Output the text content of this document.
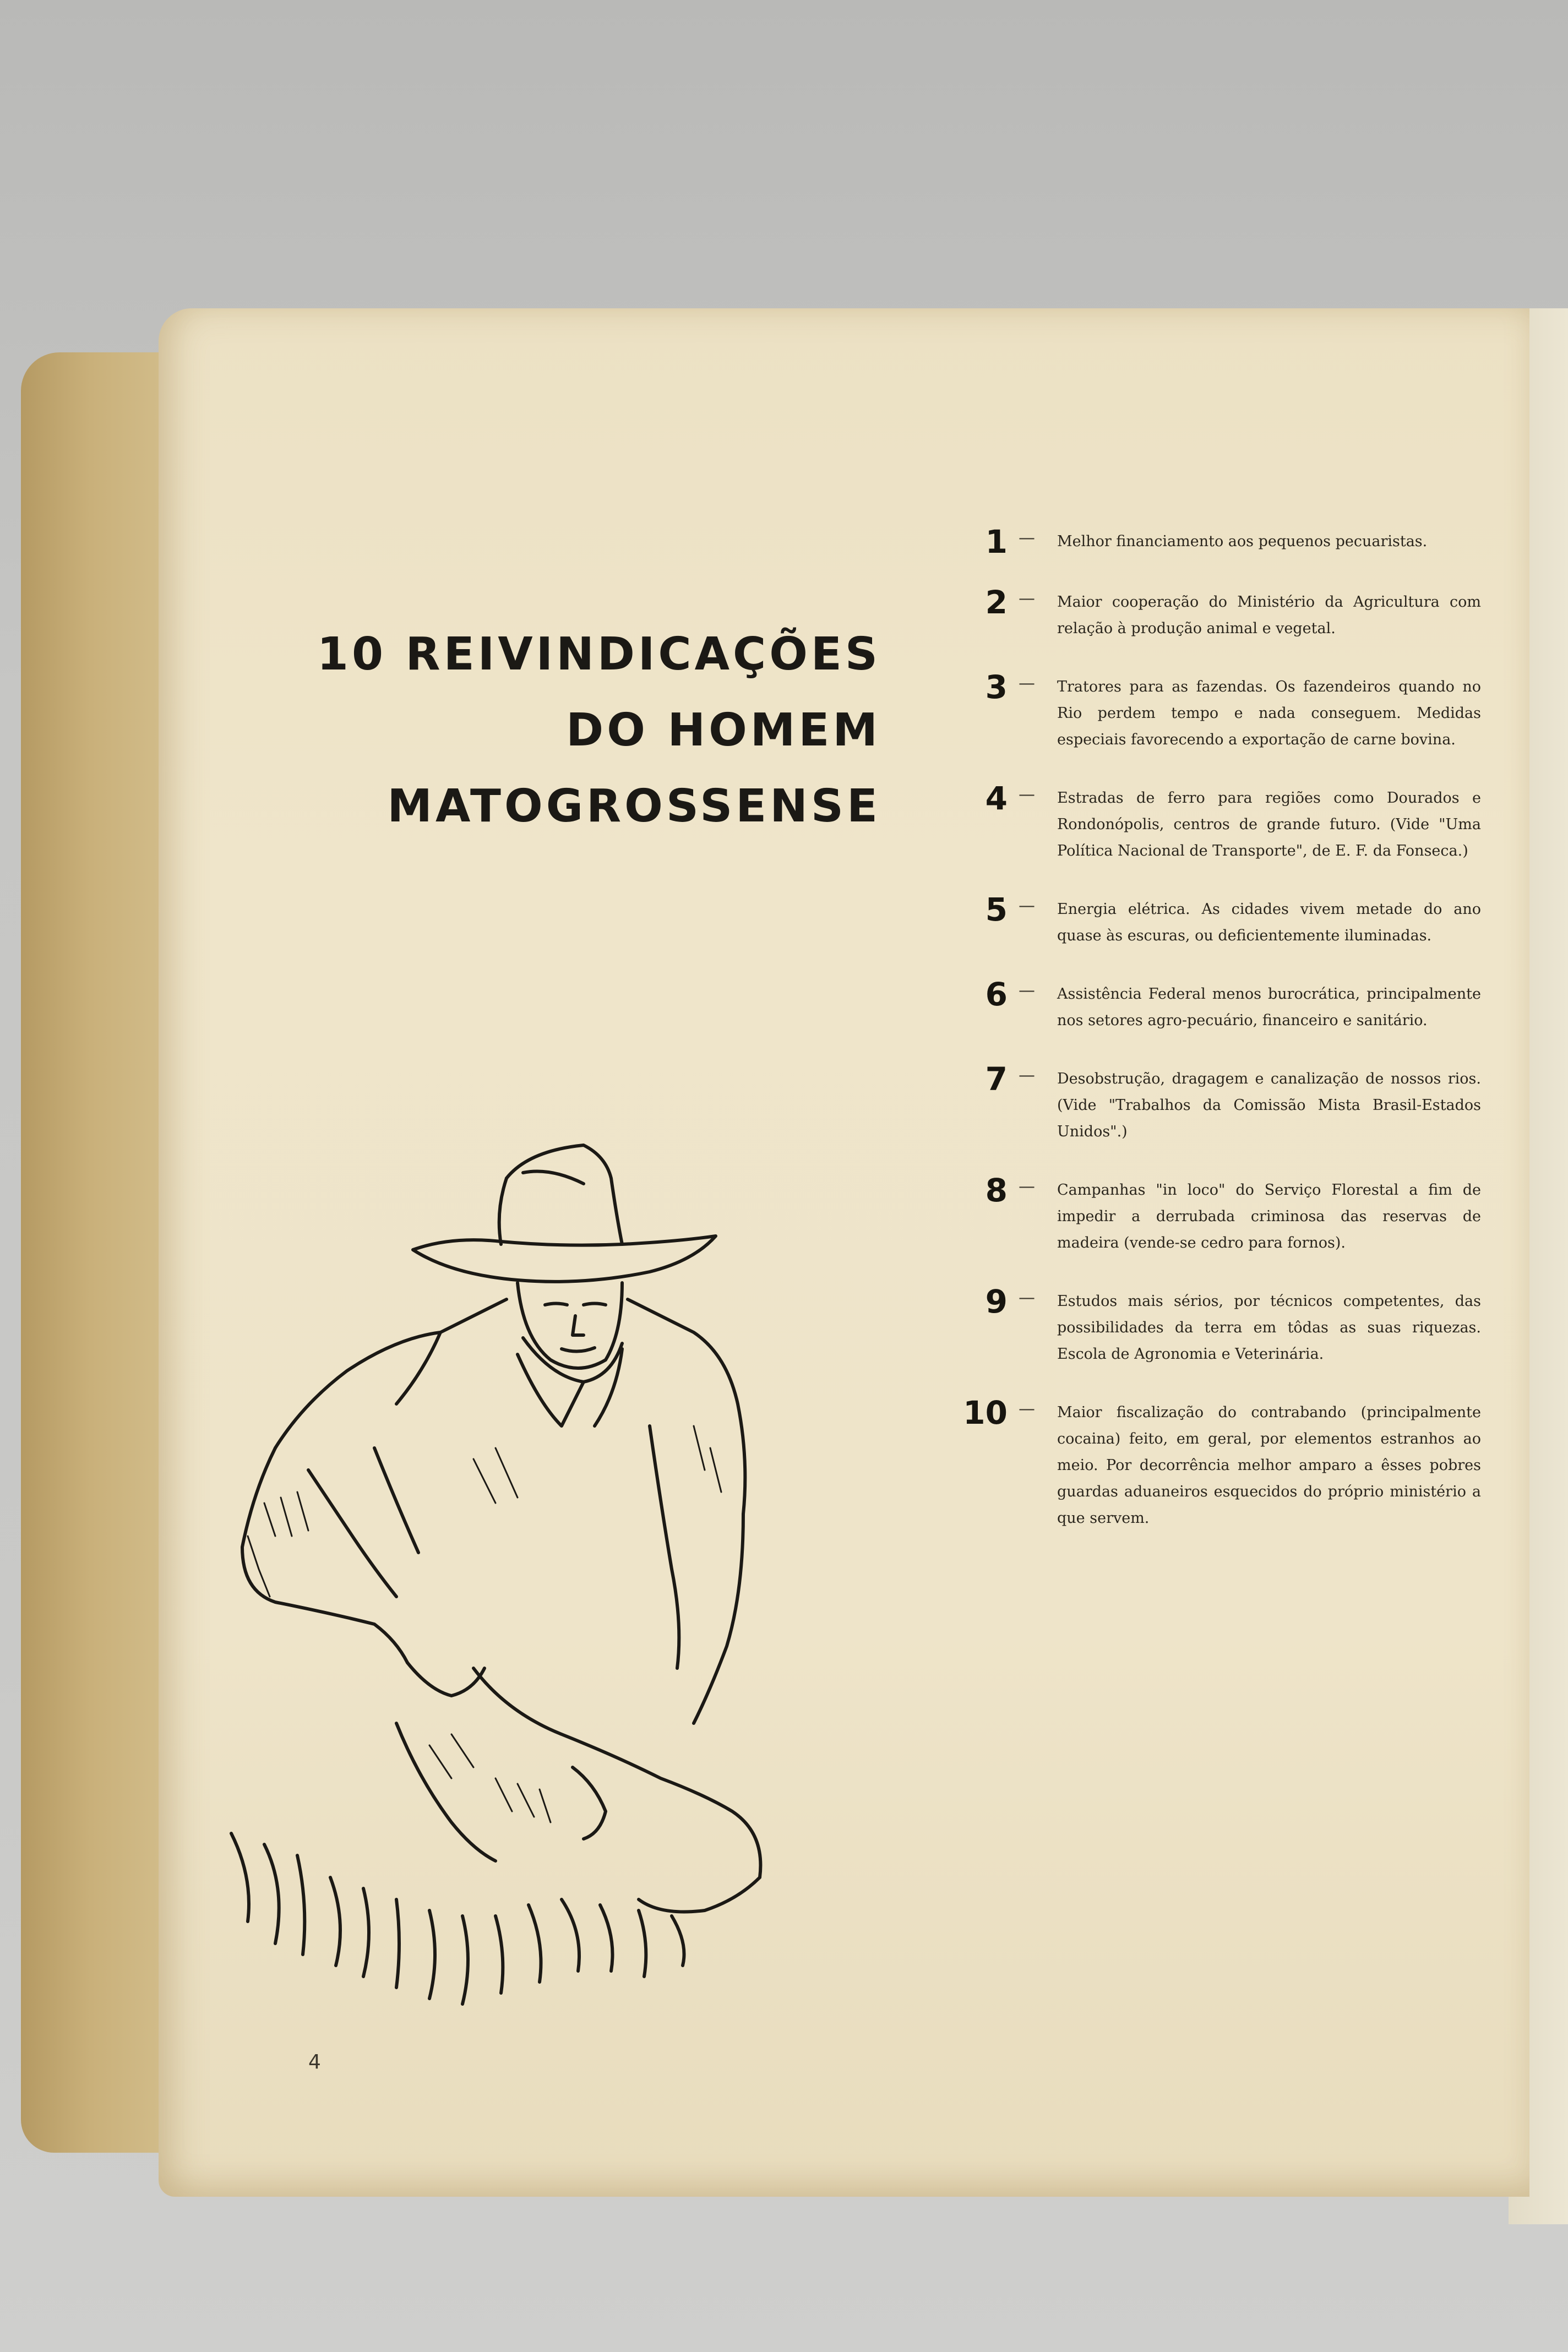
10 REIVINDICAÇÕES
DO HOMEM
MATOGROSSENSE
1 — Melhor financiamento aos pequenos pecuaristas.
2 — Maior cooperação do Ministério da Agricultura com relação à produção animal e vegetal.
3 — Tratores para as fazendas. Os fazendeiros quando no Rio perdem tempo e nada conseguem. Medidas especiais favorecendo a exportação de carne bovina.
4 — Estradas de ferro para regiões como Dourados e Rondonópolis, centros de grande futuro. (Vide "Uma Política Nacional de Transporte", de E. F. da Fonseca.)
5 — Energia elétrica. As cidades vivem metade do ano quase às escuras, ou deficientemente iluminadas.
6 — Assistência Federal menos burocrática, principalmente nos setores agro-pecuário, financeiro e sanitário.
7 — Desobstrução, dragagem e canalização de nossos rios. (Vide "Trabalhos da Comissão Mista Brasil-Estados Unidos".)
8 — Campanhas "in loco" do Serviço Florestal a fim de impedir a derrubada criminosa das reservas de madeira (vende-se cedro para fornos).
9 — Estudos mais sérios, por técnicos competentes, das possibilidades da terra em tôdas as suas riquezas. Escola de Agronomia e Veterinária.
10 — Maior fiscalização do contrabando (principalmente cocaina) feito, em geral, por elementos estranhos ao meio. Por decorrência melhor amparo a êsses pobres guardas aduaneiros esquecidos do próprio ministério a que servem.
4
